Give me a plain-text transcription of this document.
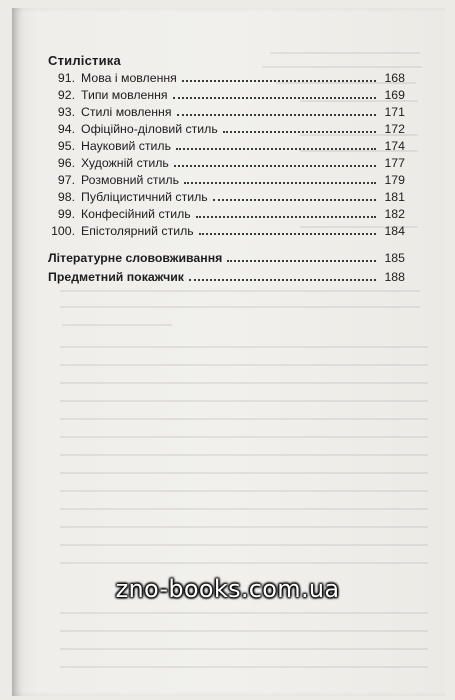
Стилістика
91. Мова і мовлення	168
92. Типи мовлення	169
93. Стилі мовлення	171
94. Офіційно-діловий стиль	172
95. Науковий стиль	174
96. Художній стиль	177
97. Розмовний стиль	179
98. Публіцистичний стиль	181
99. Конфесійний стиль	182
100. Епістолярний стиль	184
Літературне слововживання	185
Предметний покажчик	188
zno-books.com.ua
